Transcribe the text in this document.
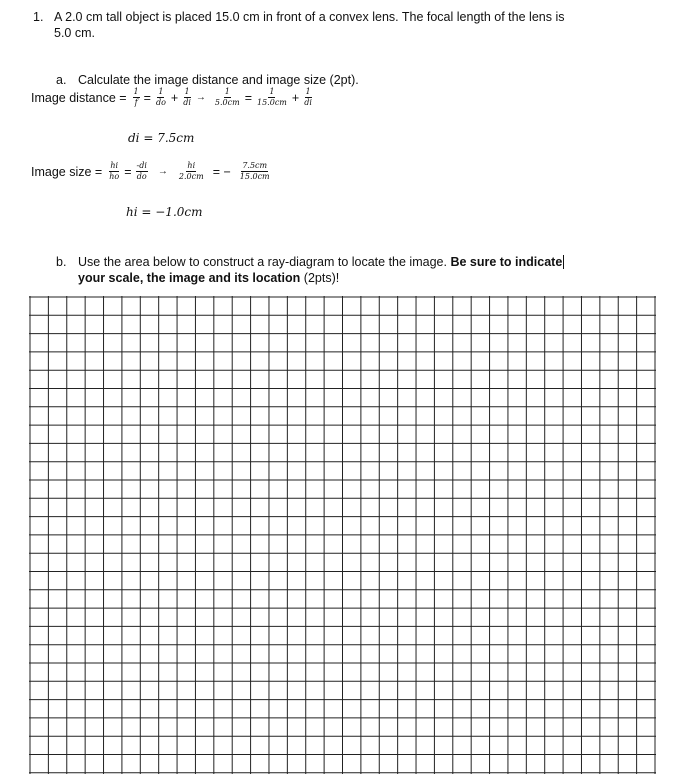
1. A 2.0 cm tall object is placed 15.0 cm in front of a convex lens. The focal length of the lens is
5.0 cm.
a. Calculate the image distance and image size (2pt).
Image distance = $\frac{1}{f} = \frac{1}{do} + \frac{1}{di} \to \frac{1}{5.0cm} = \frac{1}{15.0cm} + \frac{1}{di}$
di = 7.5cm
Image size = $\frac{hi}{ho} = \frac{-di}{do} \to \frac{hi}{2.0cm}$ = − $\frac{7.5cm}{15.0cm}$
hi = −1.0cm
b. Use the area below to construct a ray-diagram to locate the image. Be sure to indicate
your scale, the image and its location (2pts)!
